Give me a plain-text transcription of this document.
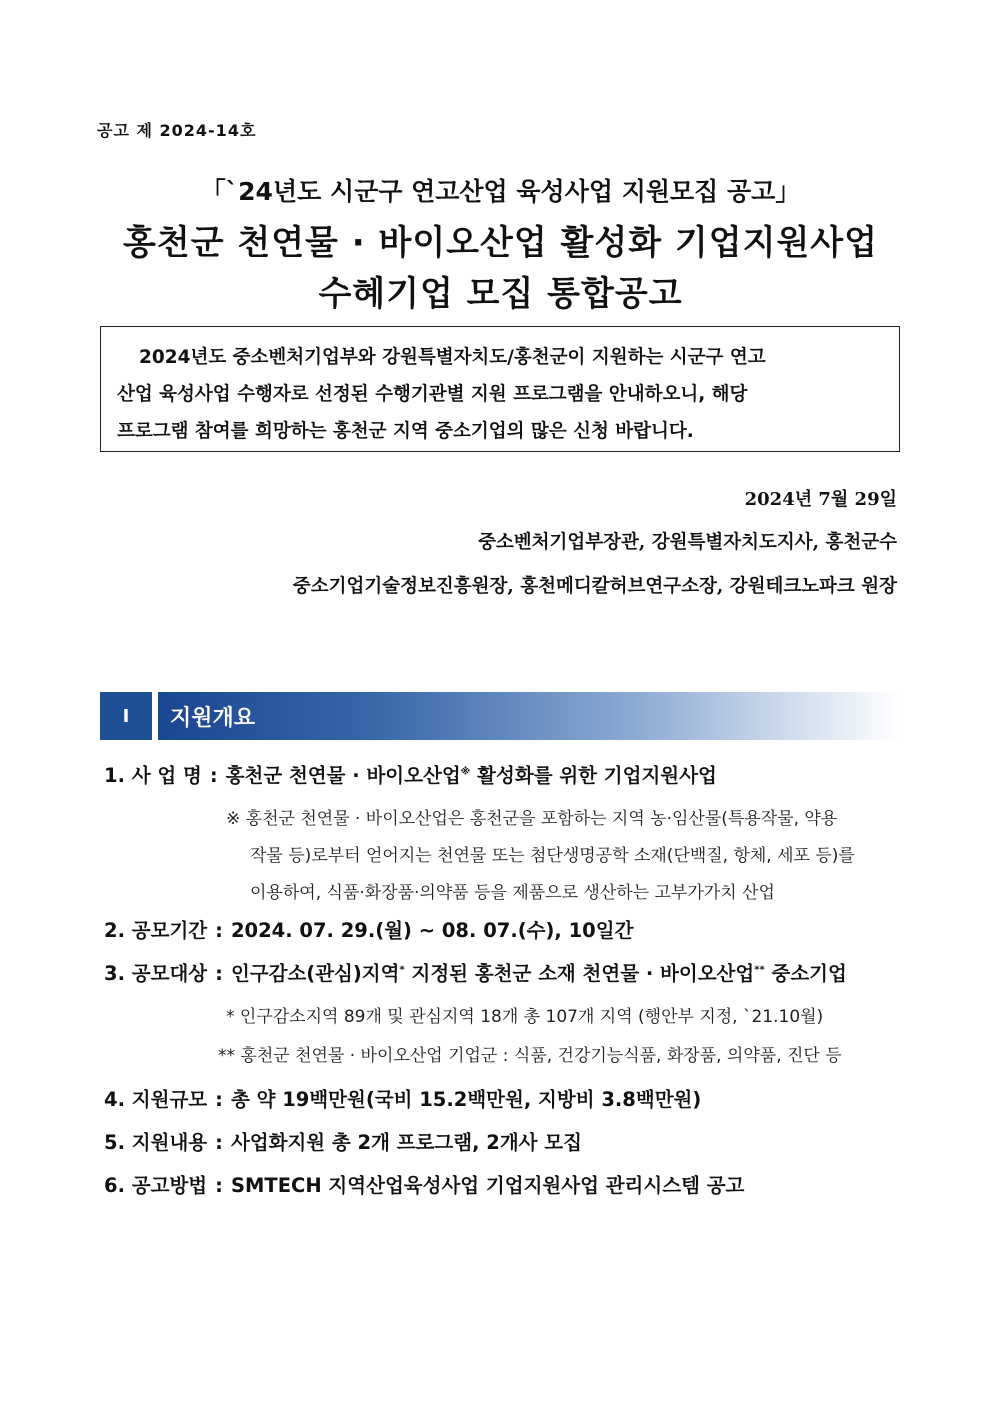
공고 제 2024-14호
「`24년도 시군구 연고산업 육성사업 지원모집 공고」
홍천군 천연물 · 바이오산업 활성화 기업지원사업
수혜기업 모집 통합공고
2024년도 중소벤처기업부와 강원특별자치도/홍천군이 지원하는 시군구 연고
산업 육성사업 수행자로 선정된 수행기관별 지원 프로그램을 안내하오니, 해당
프로그램 참여를 희망하는 홍천군 지역 중소기업의 많은 신청 바랍니다.
2024년 7월 29일
중소벤처기업부장관, 강원특별자치도지사, 홍천군수
중소기업기술정보진흥원장, 홍천메디칼허브연구소장, 강원테크노파크 원장
Ⅰ	지원개요
1. 사 업 명 : 홍천군 천연물 · 바이오산업※ 활성화를 위한 기업지원사업
※ 홍천군 천연물 · 바이오산업은 홍천군을 포함하는 지역 농·임산물(특용작물, 약용
작물 등)로부터 얻어지는 천연물 또는 첨단생명공학 소재(단백질, 항체, 세포 등)를
이용하여, 식품·화장품·의약품 등을 제품으로 생산하는 고부가가치 산업
2. 공모기간 : 2024. 07. 29.(월) ~ 08. 07.(수), 10일간
3. 공모대상 : 인구감소(관심)지역* 지정된 홍천군 소재 천연물 · 바이오산업** 중소기업
* 인구감소지역 89개 및 관심지역 18개 총 107개 지역 (행안부 지정, `21.10월)
** 홍천군 천연물 · 바이오산업 기업군 : 식품, 건강기능식품, 화장품, 의약품, 진단 등
4. 지원규모 : 총 약 19백만원(국비 15.2백만원, 지방비 3.8백만원)
5. 지원내용 : 사업화지원 총 2개 프로그램, 2개사 모집
6. 공고방법 : SMTECH 지역산업육성사업 기업지원사업 관리시스템 공고
